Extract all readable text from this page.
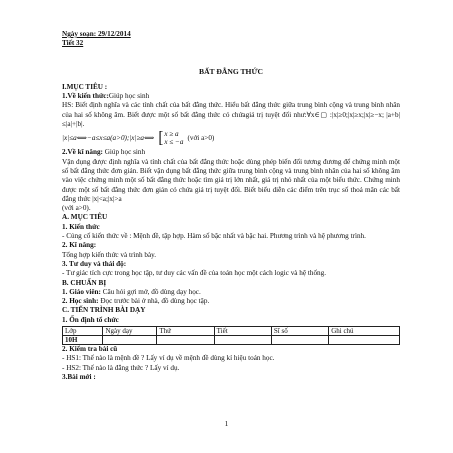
Ngày soạn: 29/12/2014

Tiết 32

BẤT ĐẲNG THỨC

I.MỤC TIÊU :

1.Về kiến thức:Giúp học sinh

HS: Biết định nghĩa và các tính chất của bất đẳng thức. Hiểu bất đẳng thức giữa trung bình cộng và trung bình nhân của hai số không âm. Biết được một số bất đẳng thức có chứagiá trị tuyệt đối như:∀x∈▢ :|x|≥0;|x|≥x;|x|≥−x; |a+b|≤|a|+|b|.

|x|≤a⟺−a≤x≤a(a>0);|x|≥a⟺ [ x ≥ a
x ≤ −a
(với a>0)

2.Về kĩ năng: Giúp học sinh

Vận dụng được định nghĩa và tính chất của bất đẳng thức hoặc dùng phép biến đổi tương đương để chứng minh một số bất đẳng thức đơn giản. Biết vận dụng bất đẳng thức giữa trung bình cộng và trung bình nhân của hai số không âm vào việc chứng minh một số bất đẳng thức hoặc tìm giá trị lớn nhất, giá trị nhỏ nhất của một biểu thức. Chứng minh được một số bất đẳng thức đơn giản có chứa giá trị tuyệt đối. Biết biểu diễn các điểm trên trục số thoả mãn các bất đẳng thức |x|<a;|x|>a

(với a>0).

A. MỤC TIÊU

1. Kiến thức

- Củng cố kiến thức về : Mệnh đề, tập hợp. Hàm số bậc nhất và bậc hai. Phương trình và hệ phương trình.

2. Kĩ năng:

Tổng hợp kiến thức và trình bày.

3. Tư duy và thái độ:

- Tư giác tích cực trong học tập, tư duy các vấn đề của toán học một cách logic và hệ thống.

B. CHUẨN BỊ

1. Giáo viên: Câu hỏi gợi mở, đồ dùng dạy học.

2. Học sinh: Đọc trước bài ở nhà, đồ dùng học tập.

C. TIẾN TRÌNH BÀI DẠY

1. Ổn định tổ chức

Lớp	Ngày dạy	Thứ	Tiết	Sĩ số	Ghi chú
10H					

2. Kiểm tra bài cũ

- HS1: Thế nào là mệnh đề ? Lấy ví dụ về mệnh đề dùng kí hiệu toán học.

- HS2: Thế nào là đẳng thức ? Lấy ví dụ.

3.Bài mới :

1
